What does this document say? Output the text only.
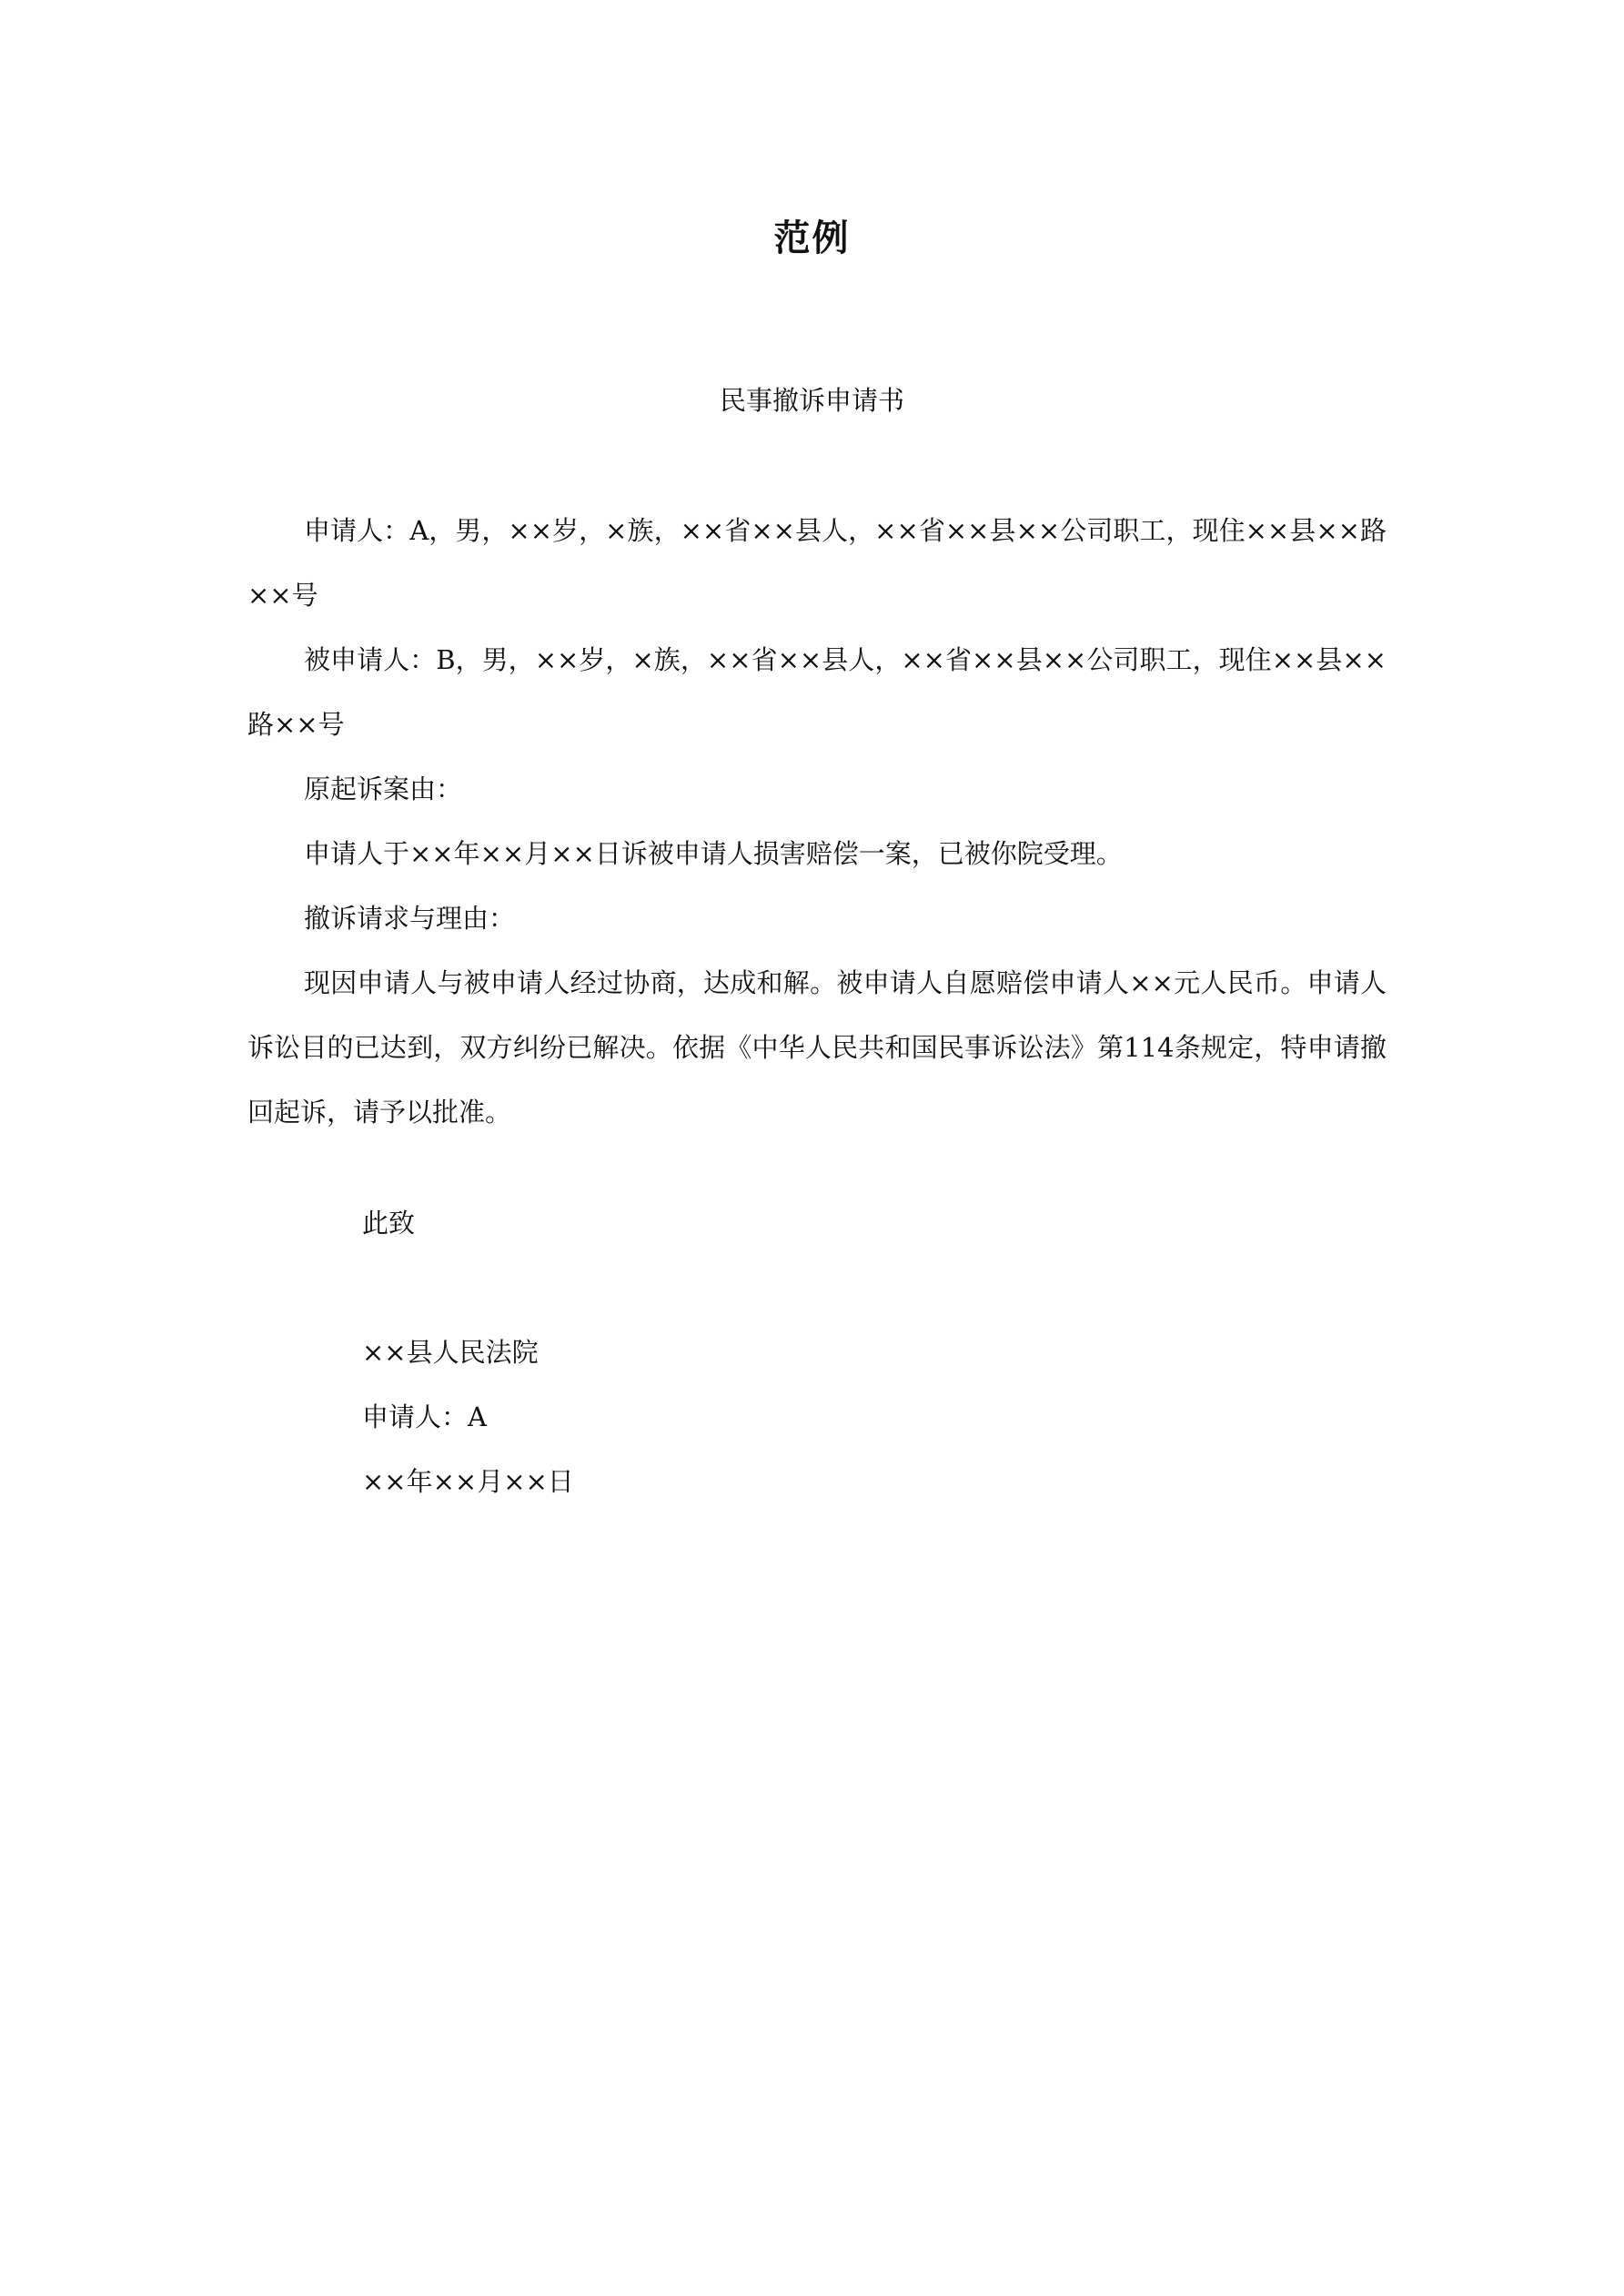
范例
民事撤诉申请书

申请人：A，男，××岁，×族，××省××县人，××省××县××公司职工，现住××县××路××号

被申请人：B，男，××岁，×族，××省××县人，××省××县××公司职工，现住××县××路××号

原起诉案由：

申请人于××年××月××日诉被申请人损害赔偿一案，已被你院受理。

撤诉请求与理由：

现因申请人与被申请人经过协商，达成和解。被申请人自愿赔偿申请人××元人民币。申请人诉讼目的已达到，双方纠纷已解决。依据《中华人民共和国民事诉讼法》第114条规定，特申请撤回起诉，请予以批准。

此致
××县人民法院
申请人：A
××年××月××日
